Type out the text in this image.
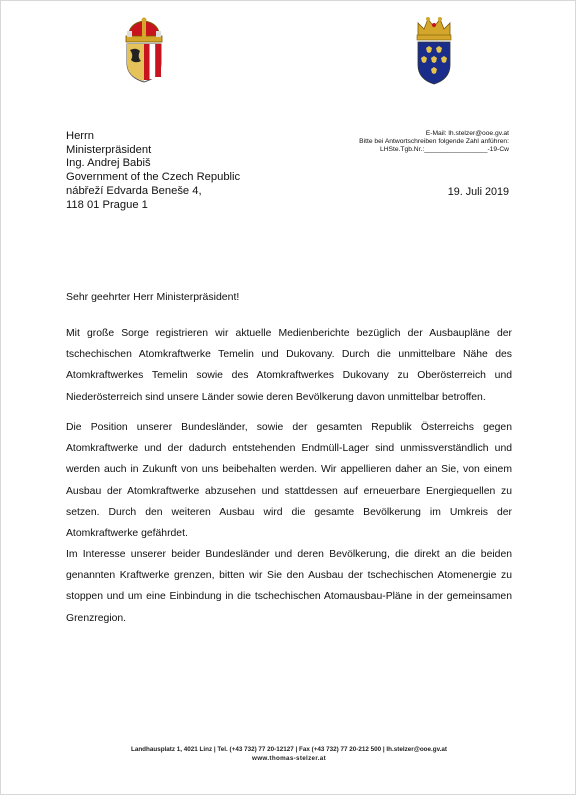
Herrn
Ministerpräsident
Ing. Andrej Babiš
Government of the Czech Republic
nábřeží Edvarda Beneše 4,
118 01 Prague 1
E-Mail: lh.stelzer@ooe.gv.at
Bitte bei Antwortschreiben folgende Zahl anführen:
LHSte.Tgb.Nr.:_________________-19-Cw
19. Juli 2019
Sehr geehrter Herr Ministerpräsident!
Mit große Sorge registrieren wir aktuelle Medienberichte bezüglich der Ausbaupläne der tschechischen Atomkraftwerke Temelin und Dukovany. Durch die unmittelbare Nähe des Atomkraftwerkes Temelin sowie des Atomkraftwerkes Dukovany zu Oberösterreich und Niederösterreich sind unsere Länder sowie deren Bevölkerung davon unmittelbar betroffen.
Die Position unserer Bundesländer, sowie der gesamten Republik Österreichs gegen Atomkraftwerke und der dadurch entstehenden Endmüll-Lager sind unmissverständlich und werden auch in Zukunft von uns beibehalten werden. Wir appellieren daher an Sie, von einem Ausbau der Atomkraftwerke abzusehen und stattdessen auf erneuerbare Energiequellen zu setzen. Durch den weiteren Ausbau wird die gesamte Bevölkerung im Umkreis der Atomkraftwerke gefährdet.
Im Interesse unserer beider Bundesländer und deren Bevölkerung, die direkt an die beiden genannten Kraftwerke grenzen, bitten wir Sie den Ausbau der tschechischen Atomenergie zu stoppen und um eine Einbindung in die tschechischen Atomausbau-Pläne in der gemeinsamen Grenzregion.
Landhausplatz 1, 4021 Linz | Tel. (+43 732) 77 20-12127 | Fax (+43 732) 77 20-212 500 | lh.stelzer@ooe.gv.at
www.thomas-stelzer.at
